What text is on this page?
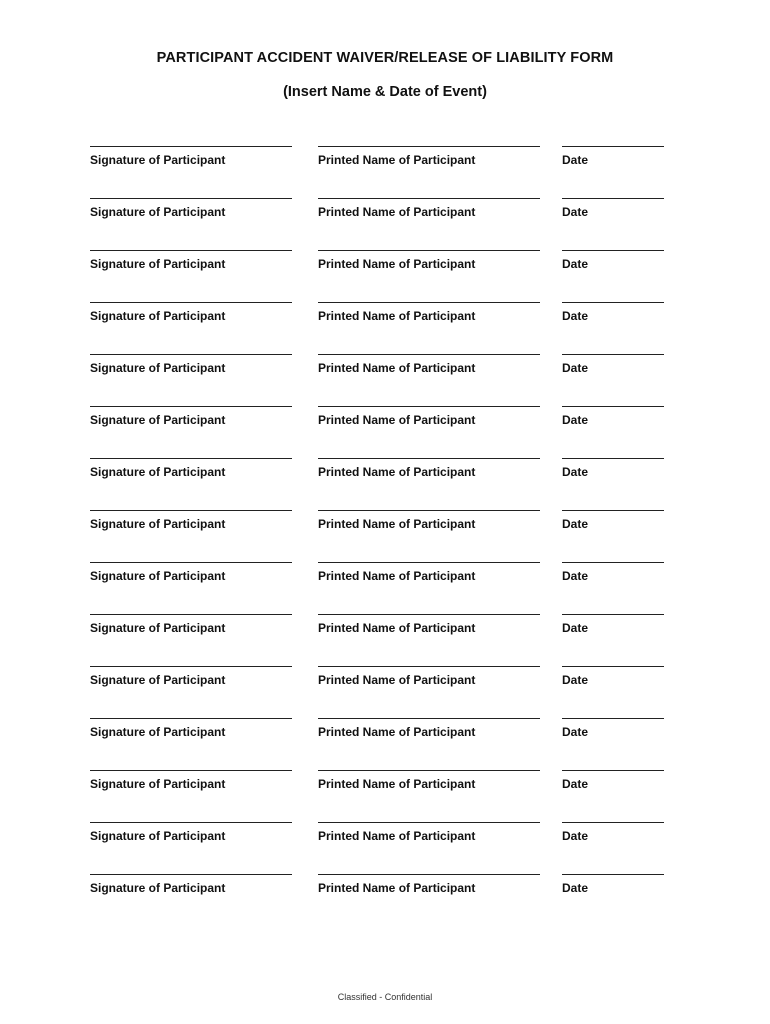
PARTICIPANT ACCIDENT WAIVER/RELEASE OF LIABILITY FORM
(Insert Name & Date of Event)
Signature of Participant	Printed Name of Participant	Date
Signature of Participant	Printed Name of Participant	Date
Signature of Participant	Printed Name of Participant	Date
Signature of Participant	Printed Name of Participant	Date
Signature of Participant	Printed Name of Participant	Date
Signature of Participant	Printed Name of Participant	Date
Signature of Participant	Printed Name of Participant	Date
Signature of Participant	Printed Name of Participant	Date
Signature of Participant	Printed Name of Participant	Date
Signature of Participant	Printed Name of Participant	Date
Signature of Participant	Printed Name of Participant	Date
Signature of Participant	Printed Name of Participant	Date
Signature of Participant	Printed Name of Participant	Date
Signature of Participant	Printed Name of Participant	Date
Signature of Participant	Printed Name of Participant	Date
Classified - Confidential
